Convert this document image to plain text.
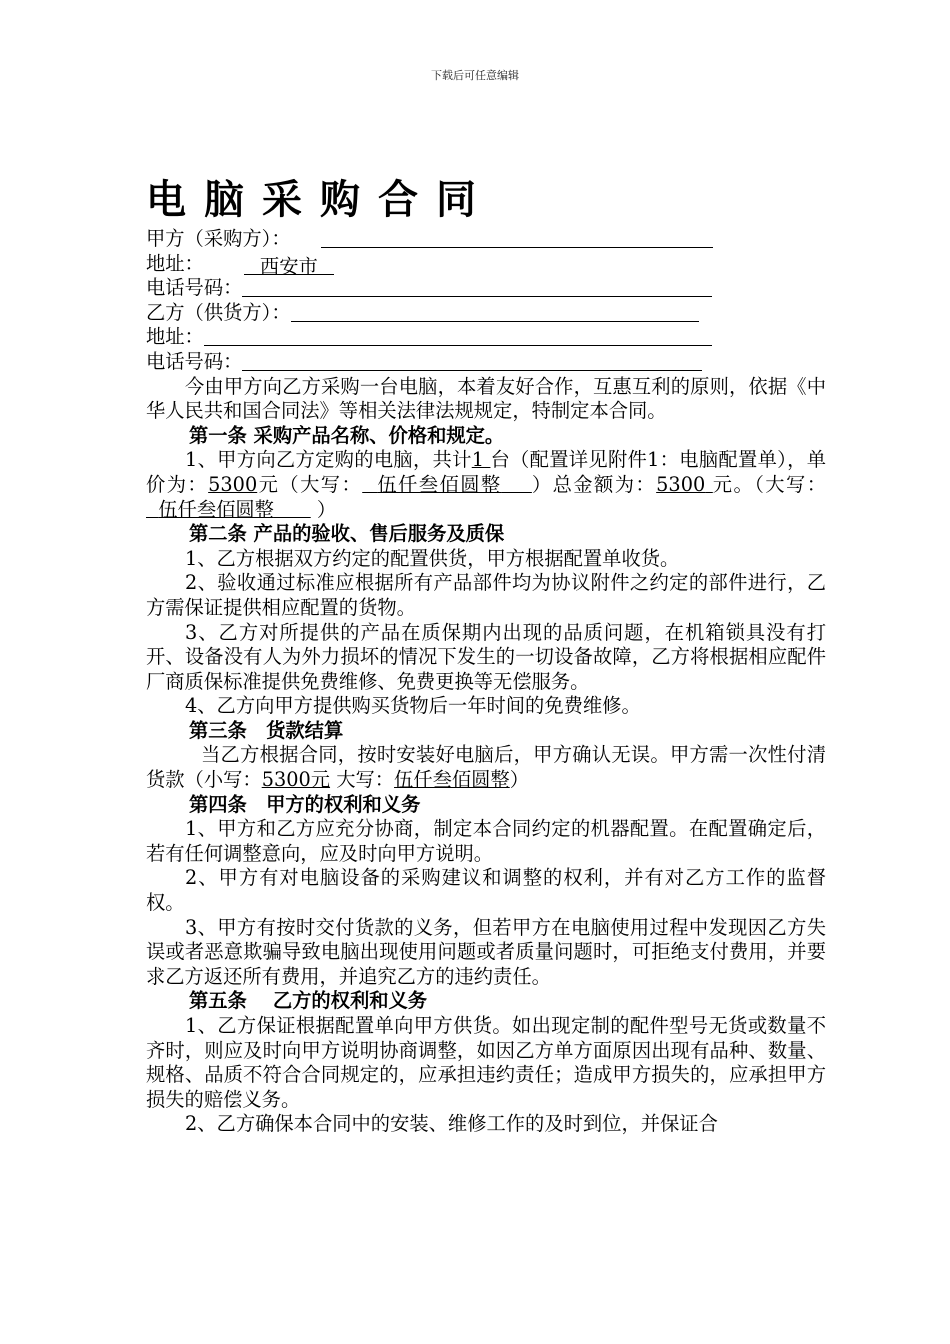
下载后可任意编辑
电脑采购合同
甲方（采购方）：
地址：	西安市
电话号码：
乙方（供货方）：
地址：
电话号码：
今由甲方向乙方采购一台电脑，本着友好合作，互惠互利的原则，依据《中华人民共和国合同法》等相关法律法规规定，特制定本合同。
第一条 采购产品名称、价格和规定。
1、甲方向乙方定购的电脑，共计1 台（配置详见附件1：电脑配置单），单价为：5300元（大写： 伍仟叁佰圆整 ）总金额为：5300 元。（大写：  伍仟叁佰圆整 ）
第二条 产品的验收、售后服务及质保
1、乙方根据双方约定的配置供货，甲方根据配置单收货。
2、验收通过标准应根据所有产品部件均为协议附件之约定的部件进行，乙方需保证提供相应配置的货物。
3、乙方对所提供的产品在质保期内出现的品质问题，在机箱锁具没有打开、设备没有人为外力损坏的情况下发生的一切设备故障，乙方将根据相应配件厂商质保标准提供免费维修、免费更换等无偿服务。
4、乙方向甲方提供购买货物后一年时间的免费维修。
第三条　货款结算
当乙方根据合同，按时安装好电脑后，甲方确认无误。甲方需一次性付清货款（小写：5300元 大写：伍仟叁佰圆整）
第四条　甲方的权利和义务
1、甲方和乙方应充分协商，制定本合同约定的机器配置。在配置确定后，若有任何调整意向，应及时向甲方说明。
2、甲方有对电脑设备的采购建议和调整的权利，并有对乙方工作的监督权。
3、甲方有按时交付货款的义务，但若甲方在电脑使用过程中发现因乙方失误或者恶意欺骗导致电脑出现使用问题或者质量问题时，可拒绝支付费用，并要求乙方返还所有费用，并追究乙方的违约责任。
第五条　 乙方的权利和义务
1、乙方保证根据配置单向甲方供货。如出现定制的配件型号无货或数量不齐时，则应及时向甲方说明协商调整，如因乙方单方面原因出现有品种、数量、规格、品质不符合合同规定的，应承担违约责任；造成甲方损失的，应承担甲方损失的赔偿义务。
2、乙方确保本合同中的安装、维修工作的及时到位，并保证合
